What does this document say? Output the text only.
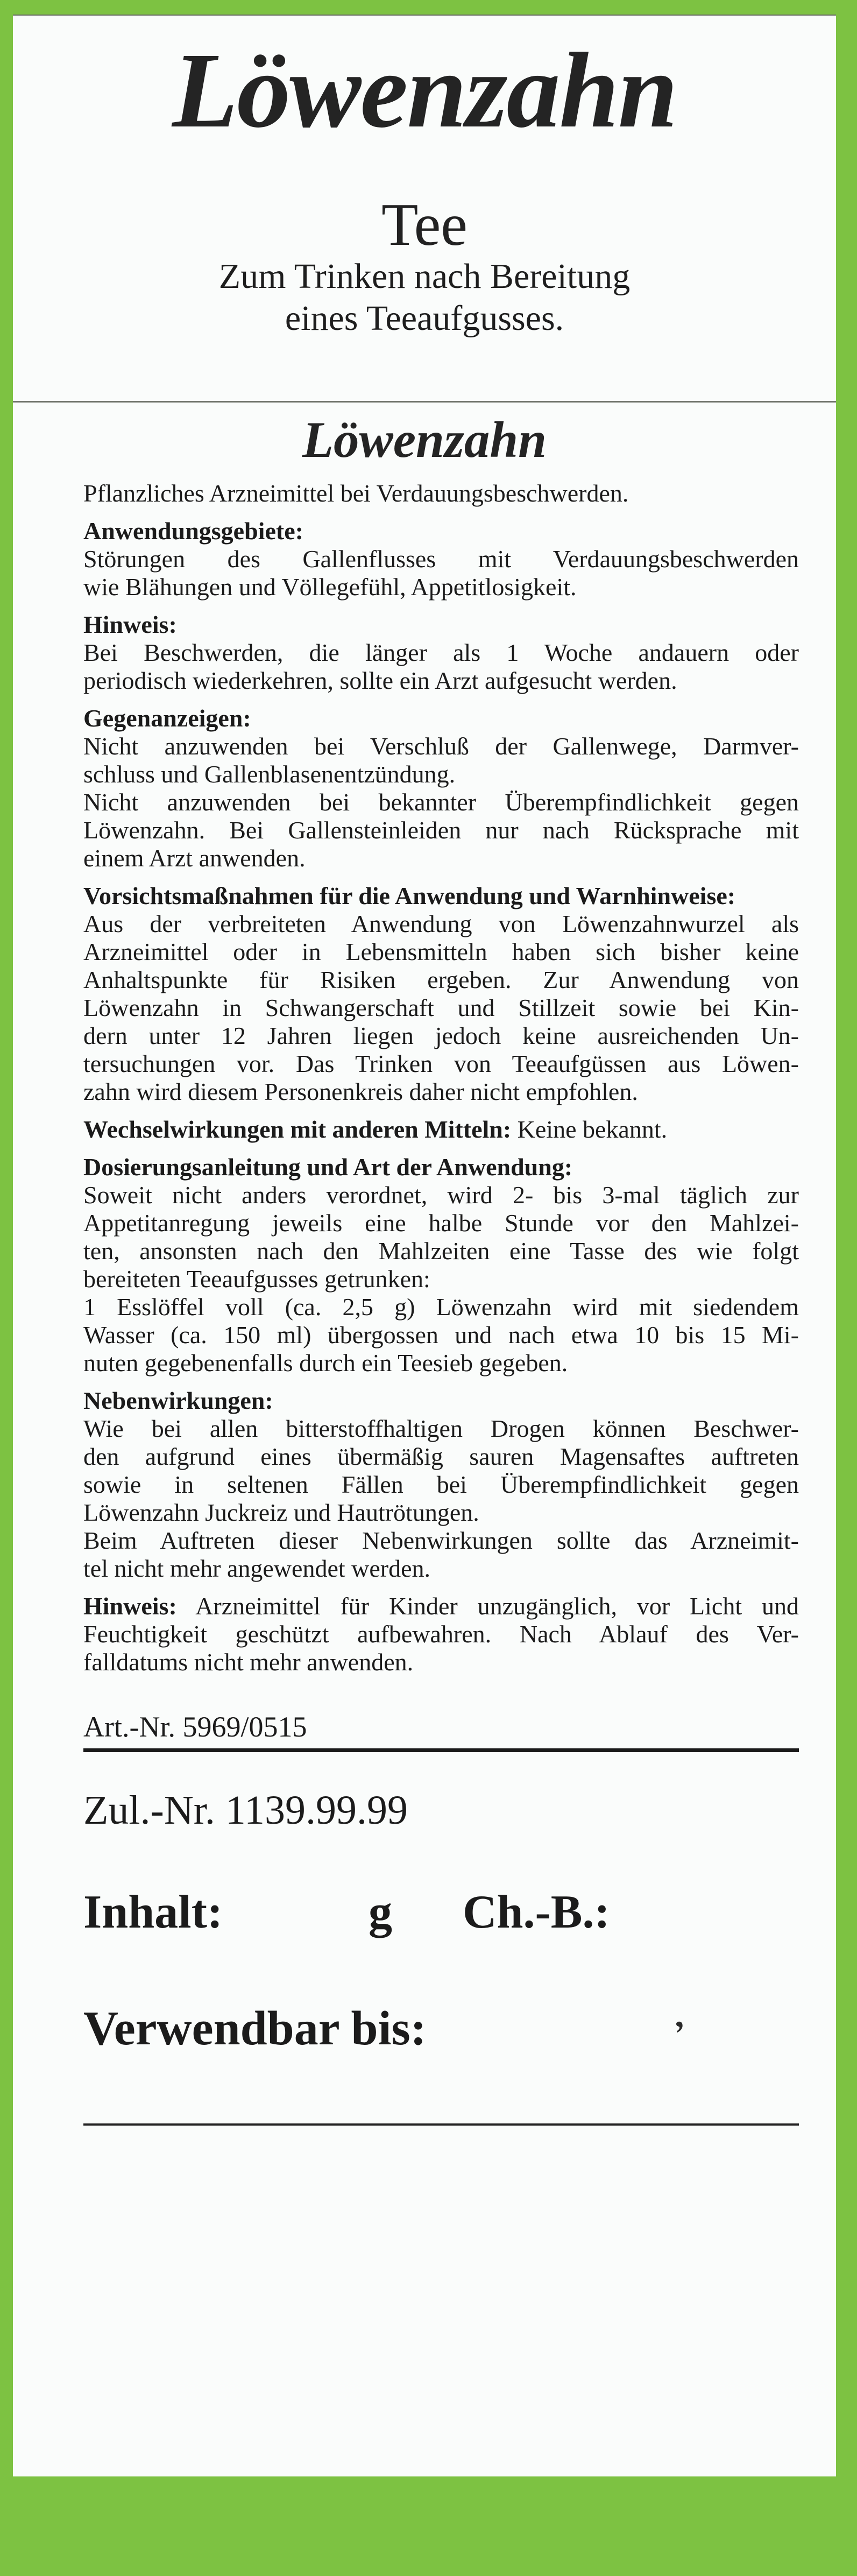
Löwenzahn
Tee
Zum Trinken nach Bereitung
eines Teeaufgusses.
Löwenzahn
Pflanzliches Arzneimittel bei Verdauungsbeschwerden.
Anwendungsgebiete:
Störungen des Gallenflusses mit Verdauungsbeschwerden
wie Blähungen und Völlegefühl, Appetitlosigkeit.
Hinweis:
Bei Beschwerden, die länger als 1 Woche andauern oder
periodisch wiederkehren, sollte ein Arzt aufgesucht werden.
Gegenanzeigen:
Nicht anzuwenden bei Verschluß der Gallenwege, Darmver-
schluss und Gallenblasenentzündung.
Nicht anzuwenden bei bekannter Überempfindlichkeit gegen
Löwenzahn. Bei Gallensteinleiden nur nach Rücksprache mit
einem Arzt anwenden.
Vorsichtsmaßnahmen für die Anwendung und Warnhinweise:
Aus der verbreiteten Anwendung von Löwenzahnwurzel als
Arzneimittel oder in Lebensmitteln haben sich bisher keine
Anhaltspunkte für Risiken ergeben. Zur Anwendung von
Löwenzahn in Schwangerschaft und Stillzeit sowie bei Kin-
dern unter 12 Jahren liegen jedoch keine ausreichenden Un-
tersuchungen vor. Das Trinken von Teeaufgüssen aus Löwen-
zahn wird diesem Personenkreis daher nicht empfohlen.
Wechselwirkungen mit anderen Mitteln: Keine bekannt.
Dosierungsanleitung und Art der Anwendung:
Soweit nicht anders verordnet, wird 2- bis 3-mal täglich zur
Appetitanregung jeweils eine halbe Stunde vor den Mahlzei-
ten, ansonsten nach den Mahlzeiten eine Tasse des wie folgt
bereiteten Teeaufgusses getrunken:
1 Esslöffel voll (ca. 2,5 g) Löwenzahn wird mit siedendem
Wasser (ca. 150 ml) übergossen und nach etwa 10 bis 15 Mi-
nuten gegebenenfalls durch ein Teesieb gegeben.
Nebenwirkungen:
Wie bei allen bitterstoffhaltigen Drogen können Beschwer-
den aufgrund eines übermäßig sauren Magensaftes auftreten
sowie in seltenen Fällen bei Überempfindlichkeit gegen
Löwenzahn Juckreiz und Hautrötungen.
Beim Auftreten dieser Nebenwirkungen sollte das Arzneimit-
tel nicht mehr angewendet werden.
Hinweis: Arzneimittel für Kinder unzugänglich, vor Licht und
Feuchtigkeit geschützt aufbewahren. Nach Ablauf des Ver-
falldatums nicht mehr anwenden.
Art.-Nr. 5969/0515
Zul.-Nr. 1139.99.99
Inhalt:	g Ch.-B.:
Verwendbar bis:	’
